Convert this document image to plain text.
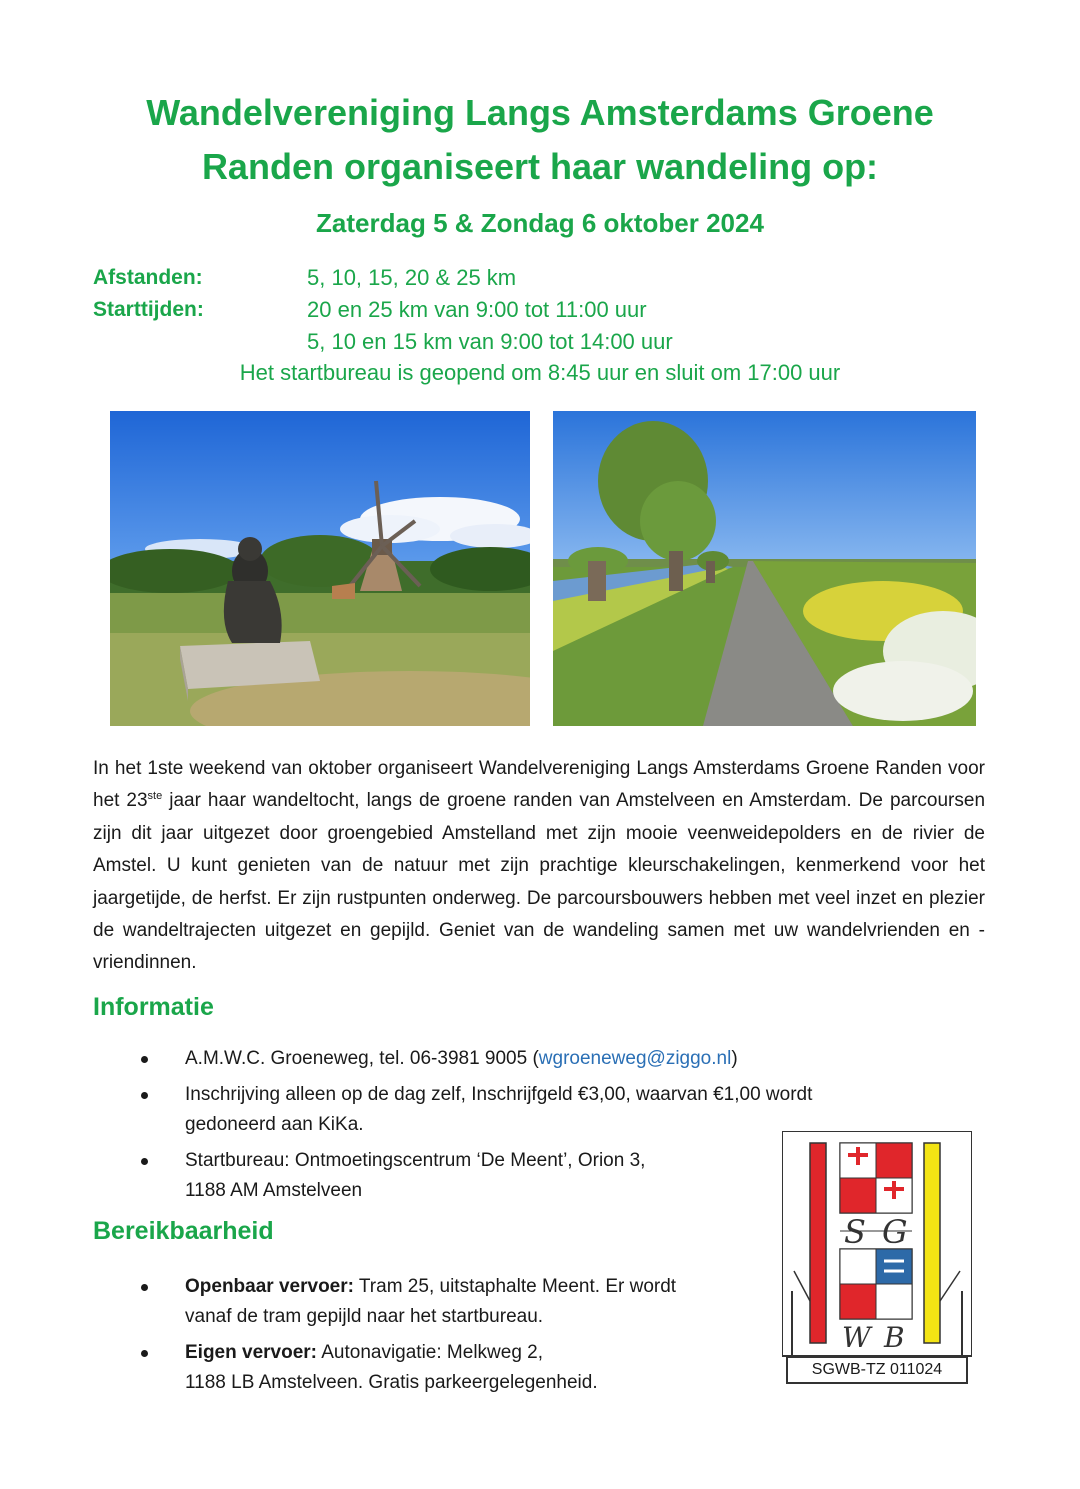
Wandelvereniging Langs Amsterdams Groene
Randen organiseert haar wandeling op:
Zaterdag 5 & Zondag 6 oktober 2024
Afstanden:	5, 10, 15, 20 & 25 km
Starttijden:	20 en 25 km van 9:00 tot 11:00 uur
5, 10 en 15 km van 9:00 tot 14:00 uur
Het startbureau is geopend om 8:45 uur en sluit om 17:00 uur

In het 1ste weekend van oktober organiseert Wandelvereniging Langs Amsterdams Groene Randen voor het 23ste jaar haar wandeltocht, langs de groene randen van Amstelveen en Amsterdam. De parcoursen zijn dit jaar uitgezet door groengebied Amstelland met zijn mooie veenweidepolders en de rivier de Amstel. U kunt genieten van de natuur met zijn prachtige kleurschakelingen, kenmerkend voor het jaargetijde, de herfst. Er zijn rustpunten onderweg. De parcoursbouwers hebben met veel inzet en plezier de wandeltrajecten uitgezet en gepijld. Geniet van de wandeling samen met uw wandelvrienden en -vriendinnen.

Informatie
A.M.W.C. Groeneweg, tel. 06-3981 9005 (wgroeneweg@ziggo.nl)
Inschrijving alleen op de dag zelf, Inschrijfgeld €3,00, waarvan €1,00 wordt
gedoneerd aan KiKa.
Startbureau: Ontmoetingscentrum ‘De Meent’, Orion 3,
1188 AM Amstelveen
Bereikbaarheid
Openbaar vervoer: Tram 25, uitstaphalte Meent. Er wordt
vanaf de tram gepijld naar het startbureau.
Eigen vervoer: Autonavigatie: Melkweg 2,
1188 LB Amstelveen. Gratis parkeergelegenheid.
S G
W B
SGWB-TZ 011024
